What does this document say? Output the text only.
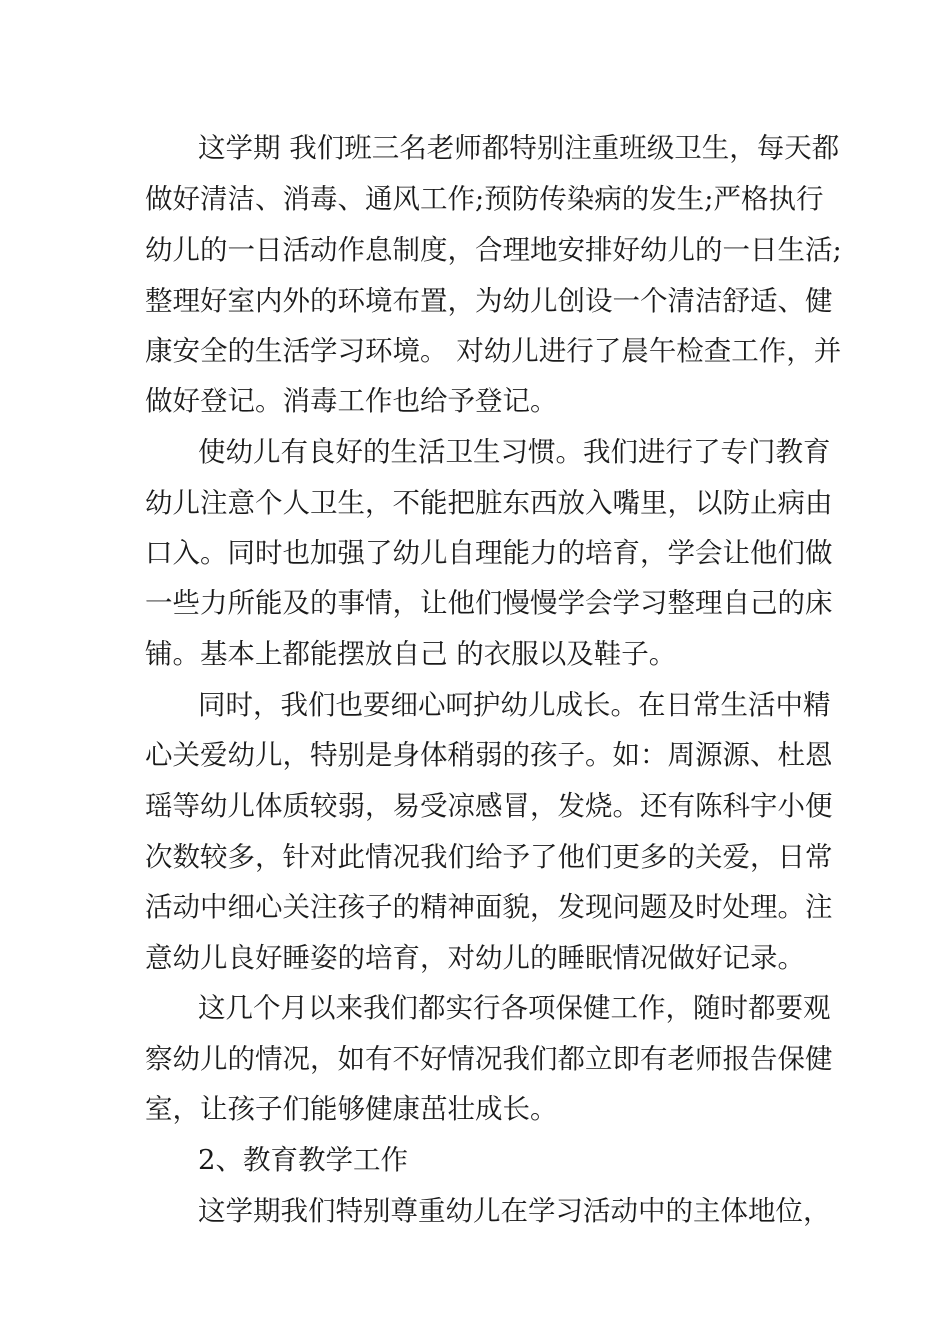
这学期 我们班三名老师都特别注重班级卫生，每天都
做好清洁、消毒、通风工作;预防传染病的发生;严格执行
幼儿的一日活动作息制度，合理地安排好幼儿的一日生活;
整理好室内外的环境布置，为幼儿创设一个清洁舒适、健
康安全的生活学习环境。 对幼儿进行了晨午检查工作，并
做好登记。消毒工作也给予登记。
使幼儿有良好的生活卫生习惯。我们进行了专门教育
幼儿注意个人卫生，不能把脏东西放入嘴里，以防止病由
口入。同时也加强了幼儿自理能力的培育，学会让他们做
一些力所能及的事情，让他们慢慢学会学习整理自己的床
铺。基本上都能摆放自己 的衣服以及鞋子。
同时，我们也要细心呵护幼儿成长。在日常生活中精
心关爱幼儿，特别是身体稍弱的孩子。如：周源源、杜恩
瑶等幼儿体质较弱，易受凉感冒，发烧。还有陈科宇小便
次数较多，针对此情况我们给予了他们更多的关爱，日常
活动中细心关注孩子的精神面貌，发现问题及时处理。注
意幼儿良好睡姿的培育，对幼儿的睡眠情况做好记录。
这几个月以来我们都实行各项保健工作，随时都要观
察幼儿的情况，如有不好情况我们都立即有老师报告保健
室，让孩子们能够健康茁壮成长。
2、教育教学工作
这学期我们特别尊重幼儿在学习活动中的主体地位，
